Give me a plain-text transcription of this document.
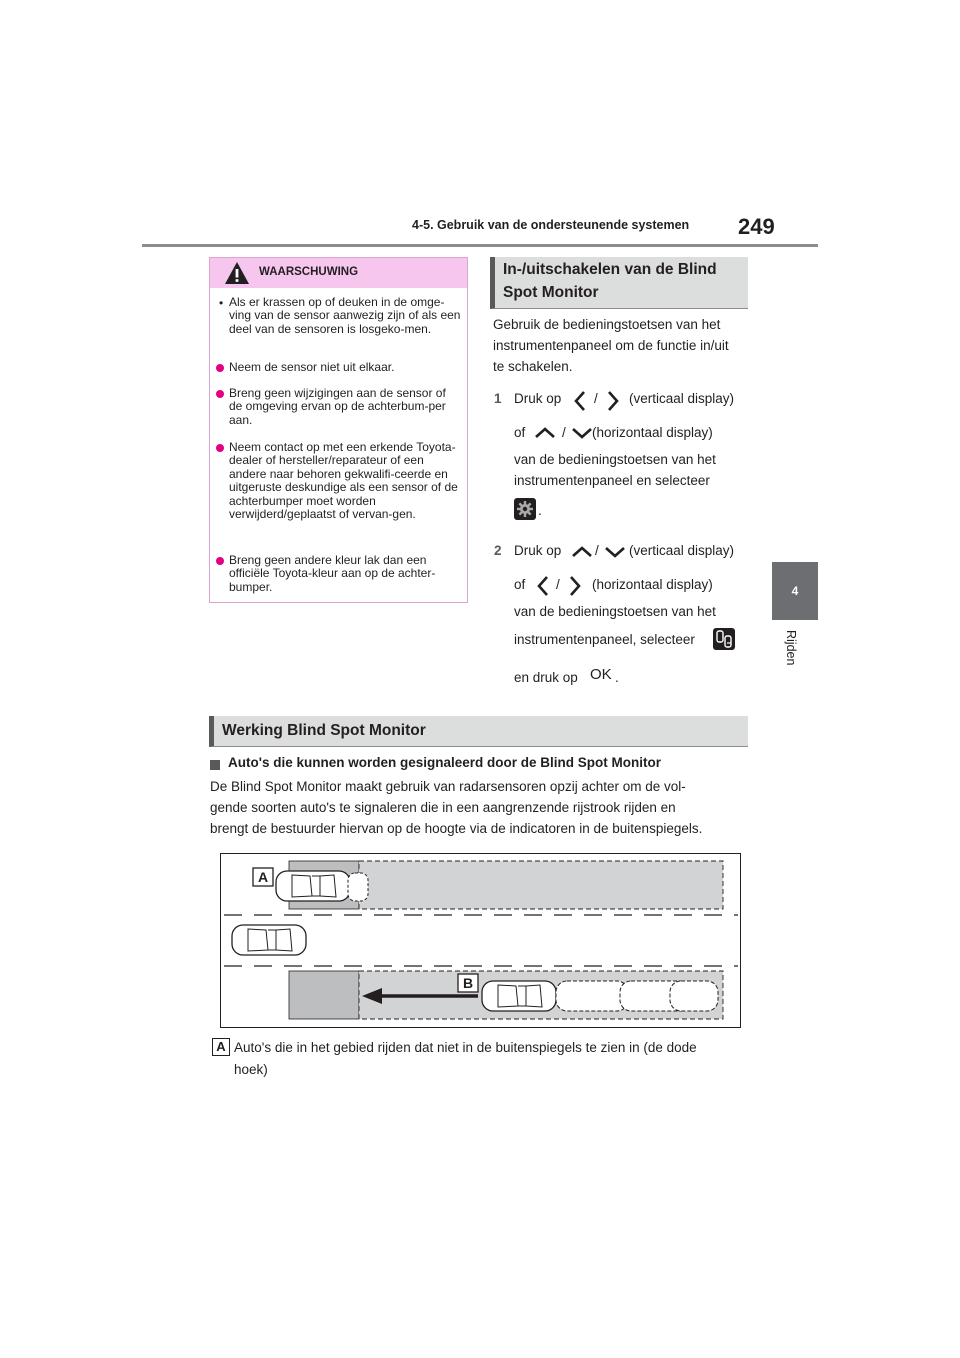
4-5. Gebruik van de ondersteunende systemen 249
4
Rijden
WAARSCHUWING
• Als er krassen op of deuken in de omge-ving van de sensor aanwezig zijn of als een deel van de sensoren is losgeko-men.
Neem de sensor niet uit elkaar.
Breng geen wijzigingen aan de sensor of de omgeving ervan op de achterbum-per aan.
Neem contact op met een erkende Toyota-dealer of hersteller/reparateur of een andere naar behoren gekwalifi-ceerde en uitgeruste deskundige als een sensor of de achterbumper moet worden verwijderd/geplaatst of vervan-gen.
Breng geen andere kleur lak dan een officiële Toyota-kleur aan op de achter-bumper.
In-/uitschakelen van de Blind
Spot Monitor
Gebruik de bedieningstoetsen van het
instrumentenpaneel om de functie in/uit
te schakelen.
1 Druk op / (verticaal display)
of	/ (horizontaal display)
van de bedieningstoetsen van het
instrumentenpaneel en selecteer
.
2 Druk op / (verticaal display)
of / (horizontaal display)
van de bedieningstoetsen van het
instrumentenpaneel, selecteer
en druk op OK .
Werking Blind Spot Monitor
Auto's die kunnen worden gesignaleerd door de Blind Spot Monitor
De Blind Spot Monitor maakt gebruik van radarsensoren opzij achter om de vol-
gende soorten auto's te signaleren die in een aangrenzende rijstrook rijden en
brengt de bestuurder hiervan op de hoogte via de indicatoren in de buitenspiegels.
A
B
A Auto's die in het gebied rijden dat niet in de buitenspiegels te zien in (de dode
hoek)
